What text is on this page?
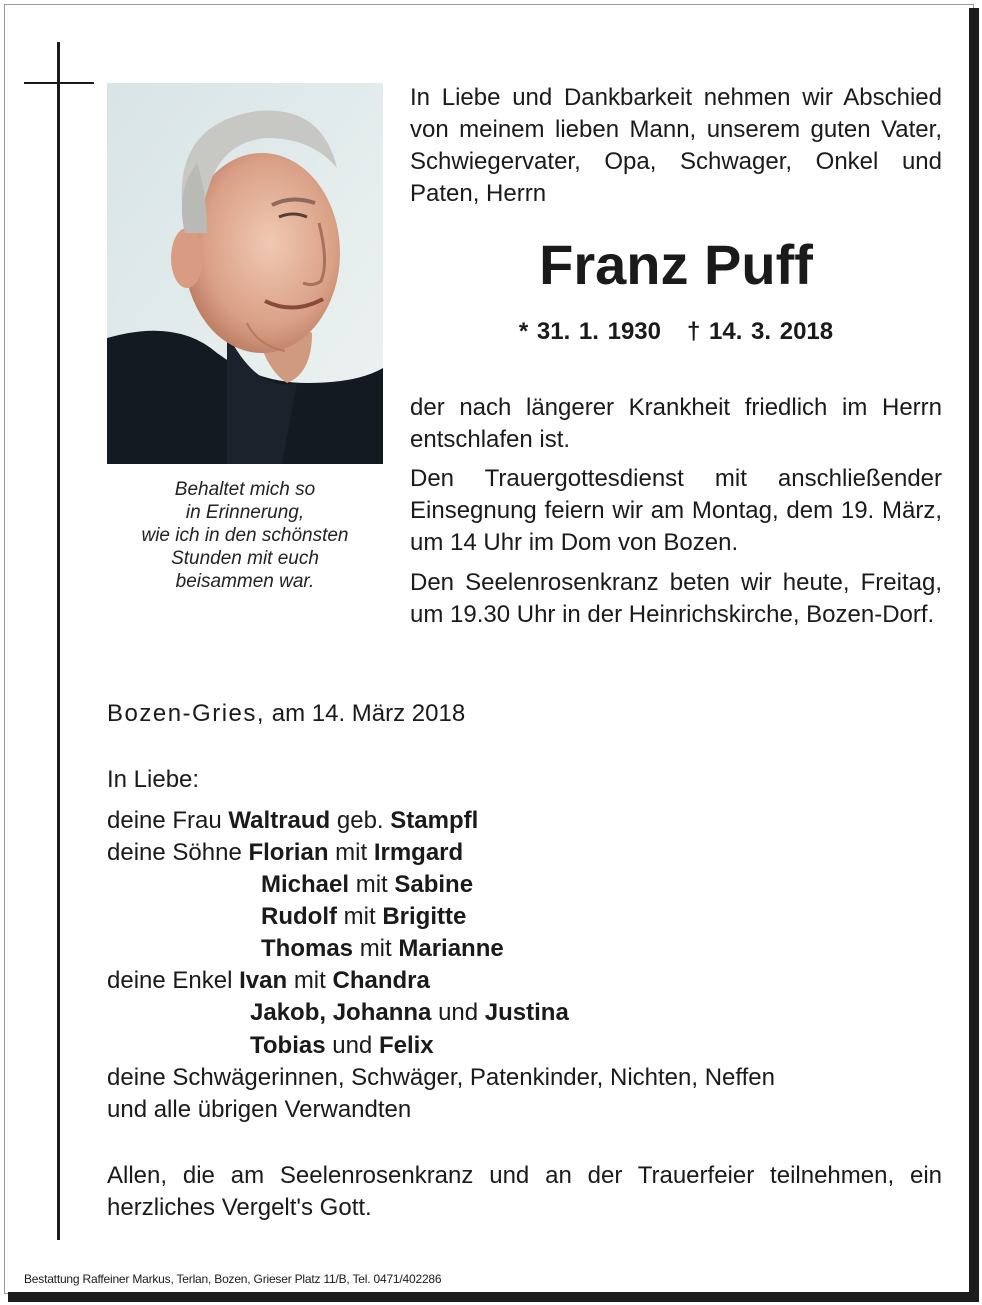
Behaltet mich so
in Erinnerung,
wie ich in den schönsten
Stunden mit euch
beisammen war.
In Liebe und Dankbarkeit nehmen wir Abschied von meinem lieben Mann, unserem guten Vater, Schwiegervater, Opa, Schwager, Onkel und Paten, Herrn
Franz Puff
* 31. 1. 1930 † 14. 3. 2018
der nach längerer Krankheit friedlich im Herrn entschlafen ist.
Den Trauergottesdienst mit anschließender Einsegnung feiern wir am Montag, dem 19. März, um 14 Uhr im Dom von Bozen.
Den Seelenrosenkranz beten wir heute, Freitag, um 19.30 Uhr in der Heinrichskirche, Bozen-Dorf.
Bozen-Gries, am 14. März 2018
In Liebe:
deine Frau Waltraud geb. Stampfl
deine Söhne Florian mit Irmgard
Michael mit Sabine
Rudolf mit Brigitte
Thomas mit Marianne
deine Enkel Ivan mit Chandra
Jakob, Johanna und Justina
Tobias und Felix
deine Schwägerinnen, Schwäger, Patenkinder, Nichten, Neffen
und alle übrigen Verwandten
Allen, die am Seelenrosenkranz und an der Trauerfeier teilnehmen, ein herzliches Vergelt's Gott.
Bestattung Raffeiner Markus, Terlan, Bozen, Grieser Platz 11/B, Tel. 0471/402286
